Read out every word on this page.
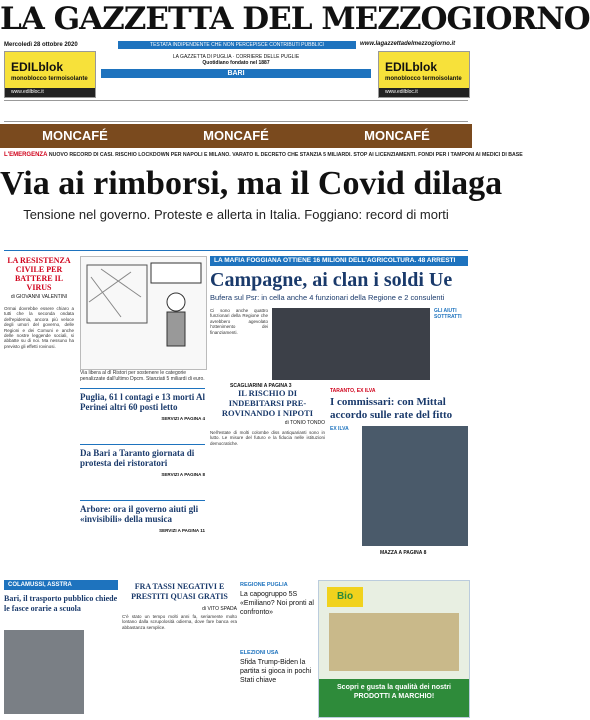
LA GAZZETTA DEL MEZZOGIORNO
Mercoledì 28 ottobre 2020	TESTATA INDIPENDENTE CHE NON PERCEPISCE CONTRIBUTI PUBBLICI	www.lagazzettadelmezzogiorno.it
EDILblok
monoblocco termoisolante
www.edilbloc.it
LA GAZZETTA DI PUGLIA · CORRIERE DELLE PUGLIE
Quotidiano fondato nel 1887
BARI	EDILblok
monoblocco termoisolante
www.edilbloc.it
MONCAFÉ	MONCAFÉ	MONCAFÉ
L'EMERGENZA NUOVO RECORD DI CASI. RISCHIO LOCKDOWN PER NAPOLI E MILANO. VARATO IL DECRETO CHE STANZIA 5 MILIARDI. STOP AI LICENZIAMENTI. FONDI PER I TAMPONI AI MEDICI DI BASE
Via ai rimborsi, ma il Covid dilaga
Tensione nel governo. Proteste e allerta in Italia. Foggiano: record di morti
LA RESISTENZA CIVILE PER BATTERE IL VIRUS
di GIOVANNI VALENTINI
Ormai dovrebbe essere chiaro a tutti che la seconda ondata dell'epidemia, ancora più veloce degli umori del governo, delle Regioni e dei Comuni e anche delle nostre leggende sociali, si abbatte su di noi. Ma nessuno ha previsto gli effetti rovinosi.
Via libera al dl Ristori per sostenere le categorie penalizzate dall'ultimo Dpcm. Stanziati 5 miliardi di euro.
LA MAFIA FOGGIANA OTTIENE 16 MILIONI DELL'AGRICOLTURA. 48 ARRESTI
Campagne, ai clan i soldi Ue
Bufera sul Psr: in cella anche 4 funzionari della Regione e 2 consulenti
Ci sono anche quattro funzionari della Regione che avrebbero agevolato l'ottenimento dei finanziamenti.
GLI AIUTI SOTTRATTI
SCAGLIARINI A PAGINA 3
Puglia, 61 l contagi e 13 morti Al Perinei altri 60 posti letto
SERVIZI A PAGINA 4
Da Bari a Taranto giornata di protesta dei ristoratori
SERVIZI A PAGINA 8
Arbore: ora il governo aiuti gli «invisibili» della musica
SERVIZI A PAGINA 11
IL RISCHIO DI INDEBITARSI PRE-ROVINANDO I NIPOTI
di TONIO TONDO
Nell'estate di molti colombe diss antiquarianti sono in lutto. Le misure del futuro e la fiducia nelle istituzioni democratiche.
TARANTO, EX ILVA
I commissari: con Mittal accordo sulle rate del fitto
EX ILVA
MAZZA A PAGINA 8
COLAMUSSI, ASSTRA
Bari, il trasporto pubblico chiede le fasce orarie a scuola
FRA TASSI NEGATIVI E PRESTITI QUASI GRATIS
di VITO SPADA
C'è stato un tempo molti anni fa, seriamente molto lontano dalla scrupolosità odierna, dove fare banca era abbastanza semplice.
REGIONE PUGLIA
La capogruppo 5S «Emiliano? Noi pronti al confronto»
ELEZIONI USA
Sfida Trump-Biden la partita si gioca in pochi Stati chiave
Bio
Scopri e gusta la qualità dei nostri PRODOTTI A MARCHIO!
